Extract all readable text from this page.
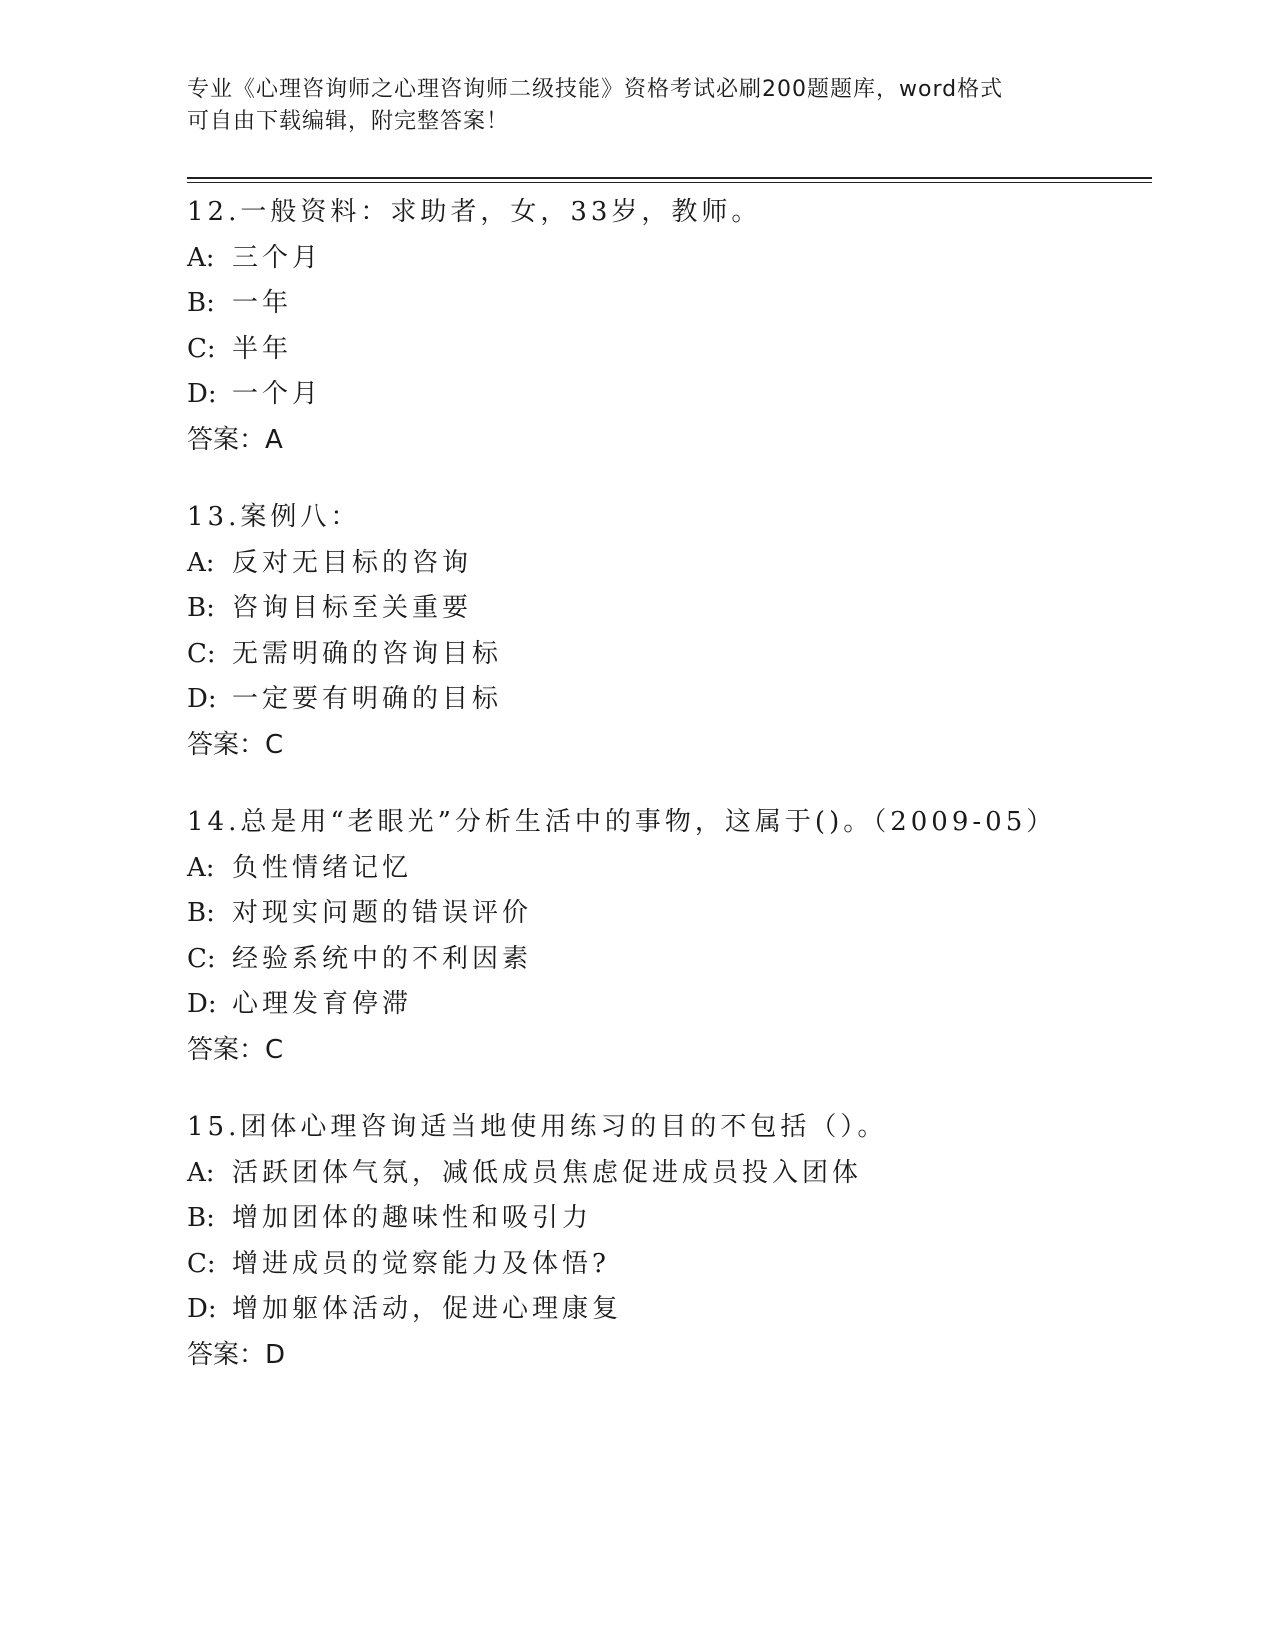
专业《心理咨询师之心理咨询师二级技能》资格考试必刷200题题库，word格式
可自由下载编辑，附完整答案！
12.一般资料：求助者，女，33岁，教师。
A: 三个月
B: 一年
C: 半年
D: 一个月
答案：A
13.案例八：
A: 反对无目标的咨询
B: 咨询目标至关重要
C: 无需明确的咨询目标
D: 一定要有明确的目标
答案：C
14.总是用“老眼光”分析生活中的事物，这属于()。（2009-05）
A: 负性情绪记忆
B: 对现实问题的错误评价
C: 经验系统中的不利因素
D: 心理发育停滞
答案：C
15.团体心理咨询适当地使用练习的目的不包括（）。
A: 活跃团体气氛，减低成员焦虑促进成员投入团体
B: 增加团体的趣味性和吸引力
C: 增进成员的觉察能力及体悟?
D: 增加躯体活动，促进心理康复
答案：D
